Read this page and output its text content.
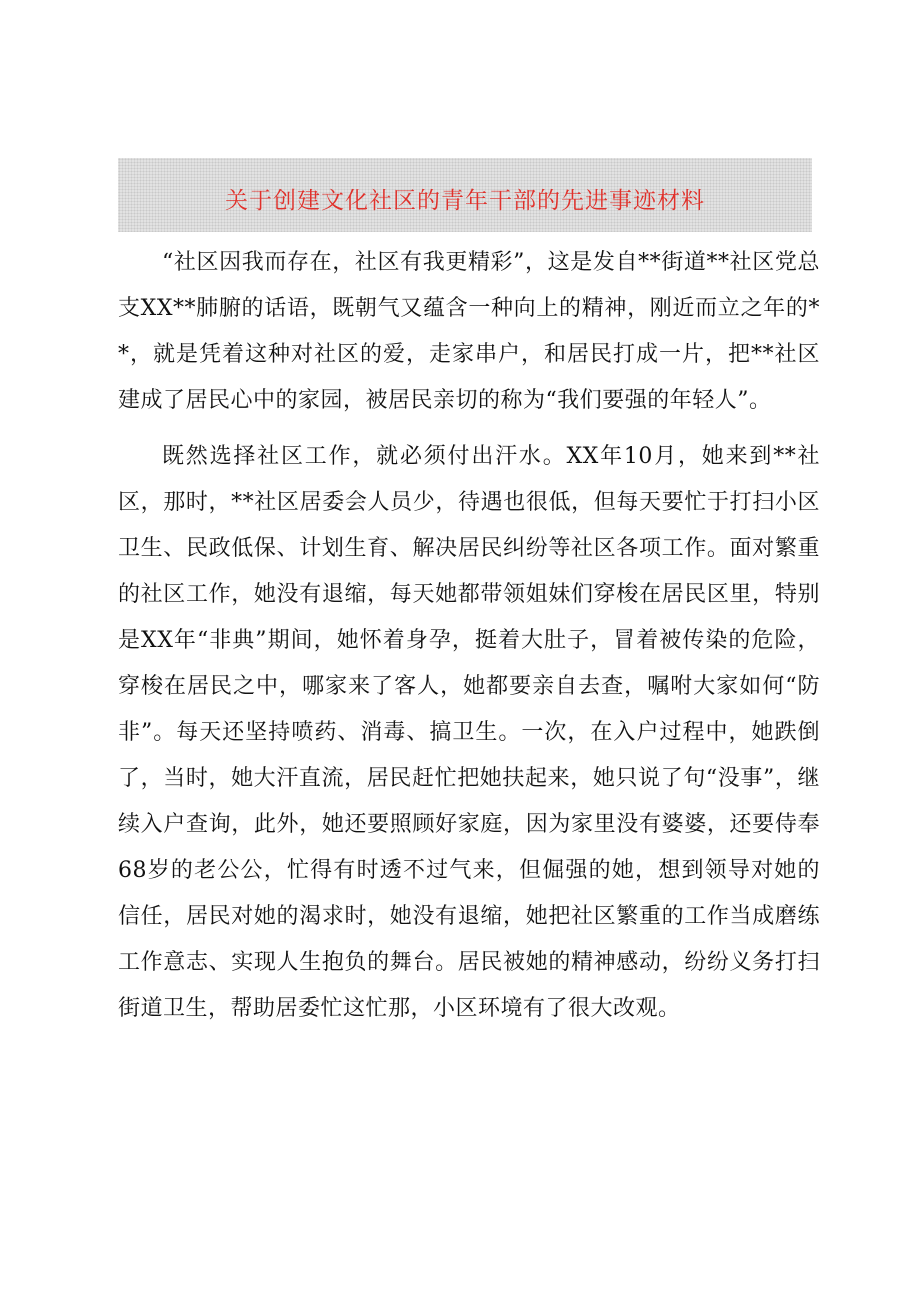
关于创建文化社区的青年干部的先进事迹材料

“社区因我而存在，社区有我更精彩”，这是发自**街道**社区党总支XX**肺腑的话语，既朝气又蕴含一种向上的精神，刚近而立之年的**，就是凭着这种对社区的爱，走家串户，和居民打成一片，把**社区建成了居民心中的家园，被居民亲切的称为“我们要强的年轻人”。

既然选择社区工作，就必须付出汗水。XX年10月，她来到**社区，那时，**社区居委会人员少，待遇也很低，但每天要忙于打扫小区卫生、民政低保、计划生育、解决居民纠纷等社区各项工作。面对繁重的社区工作，她没有退缩，每天她都带领姐妹们穿梭在居民区里，特别是XX年“非典”期间，她怀着身孕，挺着大肚子，冒着被传染的危险，穿梭在居民之中，哪家来了客人，她都要亲自去查，嘱咐大家如何“防非”。每天还坚持喷药、消毒、搞卫生。一次，在入户过程中，她跌倒了，当时，她大汗直流，居民赶忙把她扶起来，她只说了句“没事”，继续入户查询，此外，她还要照顾好家庭，因为家里没有婆婆，还要侍奉68岁的老公公，忙得有时透不过气来，但倔强的她，想到领导对她的信任，居民对她的渴求时，她没有退缩，她把社区繁重的工作当成磨练工作意志、实现人生抱负的舞台。居民被她的精神感动，纷纷义务打扫街道卫生，帮助居委忙这忙那，小区环境有了很大改观。
